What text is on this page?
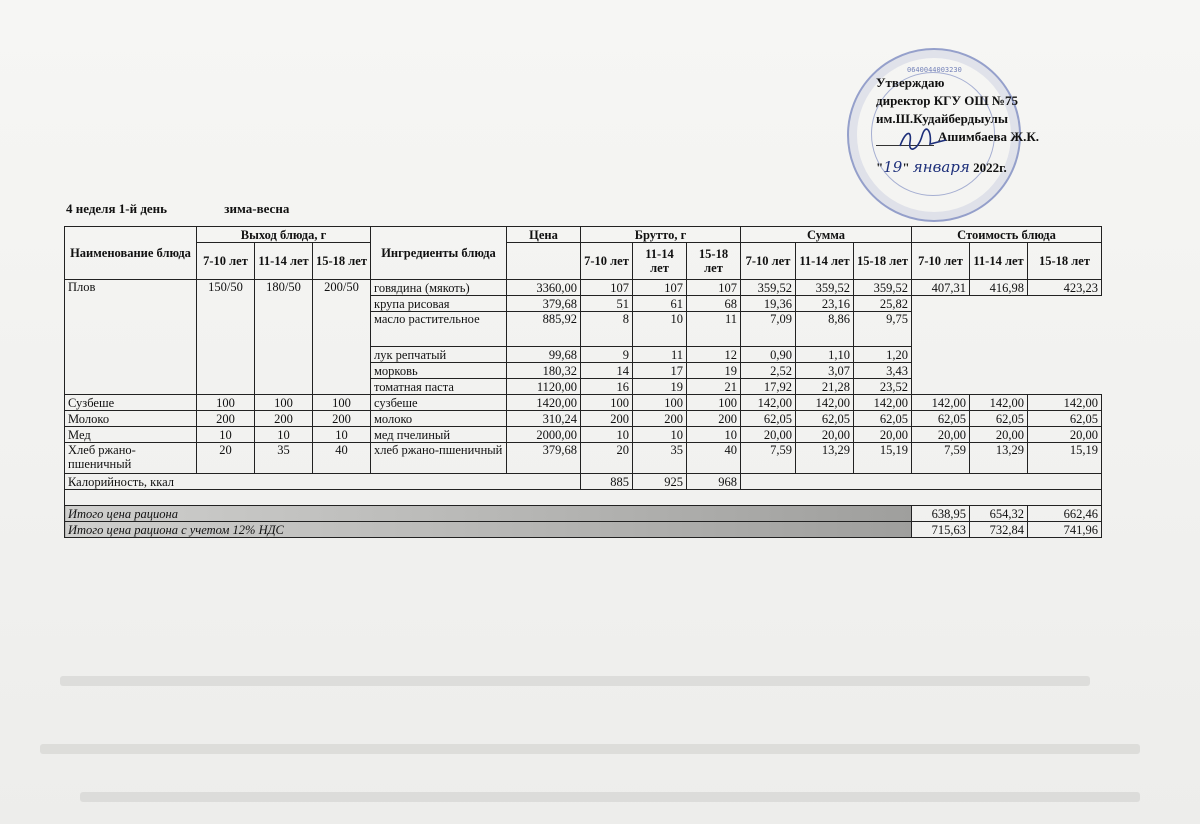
0640044003230
Утверждаю
директор КГУ ОШ №75
им.Ш.Кудайбердыулы
Ашимбаева Ж.К.
" 19 "
января
2022г.
4 неделя 1-й день	зима-весна
Наименование блюда	Выход блюда, г			Ингредиенты блюда	Цена	Брутто, г			Сумма			Стоимость блюда		
	7-10 лет	11-14 лет	15-18 лет			7-10 лет	11-14 лет	15-18 лет	7-10 лет	11-14 лет	15-18 лет	7-10 лет	11-14 лет	15-18 лет

Плов	150/50	180/50	200/50	говядина (мякоть)	3360,00	107	107	107	359,52	359,52	359,52	407,31	416,98	423,23
				крупа рисовая	379,68	51	61	68	19,36	23,16	25,82			
				масло растительное	885,92	8	10	11	7,09	8,86	9,75			
				лук репчатый	99,68	9	11	12	0,90	1,10	1,20			
				морковь	180,32	14	17	19	2,52	3,07	3,43			
				томатная паста	1120,00	16	19	21	17,92	21,28	23,52			
Сузбеше	100	100	100	сузбеше	1420,00	100	100	100	142,00	142,00	142,00	142,00	142,00	142,00
Молоко	200	200	200	молоко	310,24	200	200	200	62,05	62,05	62,05	62,05	62,05	62,05
Мед	10	10	10	мед пчелиный	2000,00	10	10	10	20,00	20,00	20,00	20,00	20,00	20,00
Хлеб ржано-пшеничный	20	35	40	хлеб ржано-пшеничный	379,68	20	35	40	7,59	13,29	15,19	7,59	13,29	15,19
Калорийность, ккал						885	925	968						

Итого цена рациона												638,95	654,32	662,46
Итого цена рациона с учетом 12% НДС												715,63	732,84	741,96
